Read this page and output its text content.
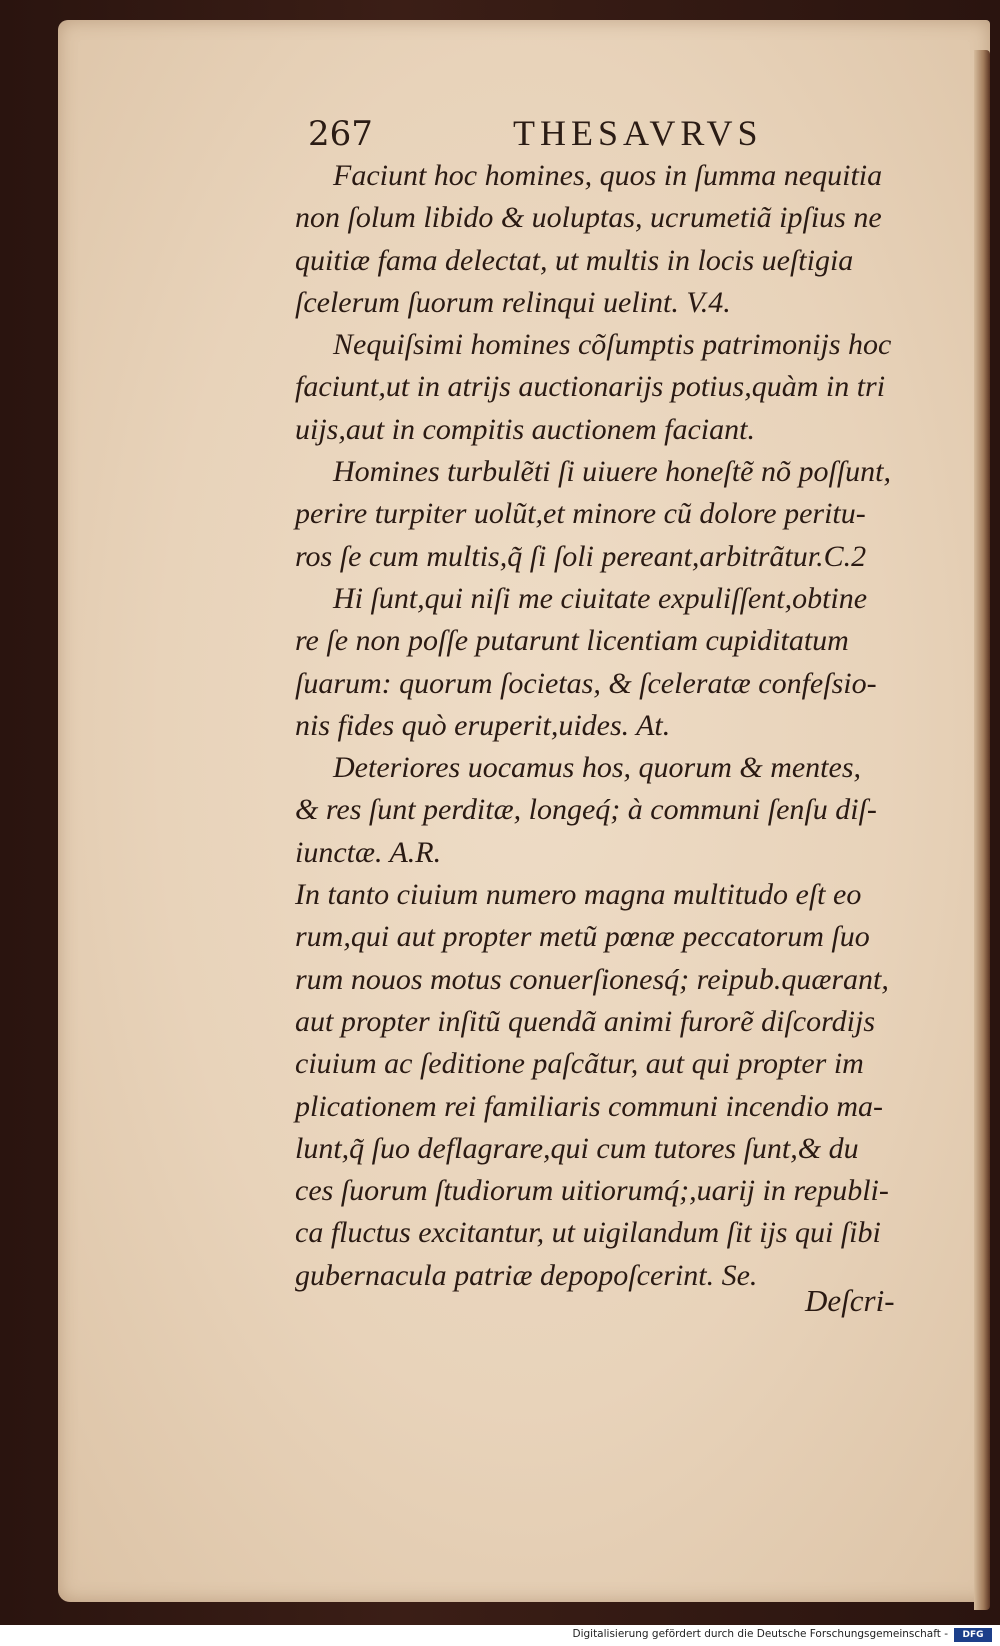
267	THESAVRVS
Faciunt hoc homines, quos in ſumma nequitia
non ſolum libido & uoluptas, ucrumetiã ipſius ne
quitiæ fama delectat, ut multis in locis ueſtigia
ſcelerum ſuorum relinqui uelint. V.4.
Nequiſsimi homines cõſumptis patrimonijs hoc
faciunt,ut in atrijs auctionarijs potius,quàm in tri
uijs,aut in compitis auctionem faciant.
Homines turbulẽti ſi uiuere honeſtẽ nõ poſſunt,
perire turpiter uolũt,et minore cũ dolore peritu-
ros ſe cum multis,q̃ ſi ſoli pereant,arbitrãtur.C.2
Hi ſunt,qui niſi me ciuitate expuliſſent,obtine
re ſe non poſſe putarunt licentiam cupiditatum
ſuarum: quorum ſocietas, & ſceleratæ confeſsio-
nis fides quò eruperit,uides. At.
Deteriores uocamus hos, quorum & mentes,
& res ſunt perditæ, longeq́; à communi ſenſu diſ-
iunctæ. A.R.
In tanto ciuium numero magna multitudo eſt eo
rum,qui aut propter metũ pœnæ peccatorum ſuo
rum nouos motus conuerſionesq́; reipub.quærant,
aut propter inſitũ quendã animi furorẽ diſcordijs
ciuium ac ſeditione paſcãtur, aut qui propter im
plicationem rei familiaris communi incendio ma-
lunt,q̃ ſuo deflagrare,qui cum tutores ſunt,& du
ces ſuorum ſtudiorum uitiorumq́;,uarij in republi-
ca fluctus excitantur, ut uigilandum ſit ijs qui ſibi
gubernacula patriæ depopoſcerint. Se.
Deſcri-
Digitalisierung gefördert durch die Deutsche Forschungsgemeinschaft -	DFG
